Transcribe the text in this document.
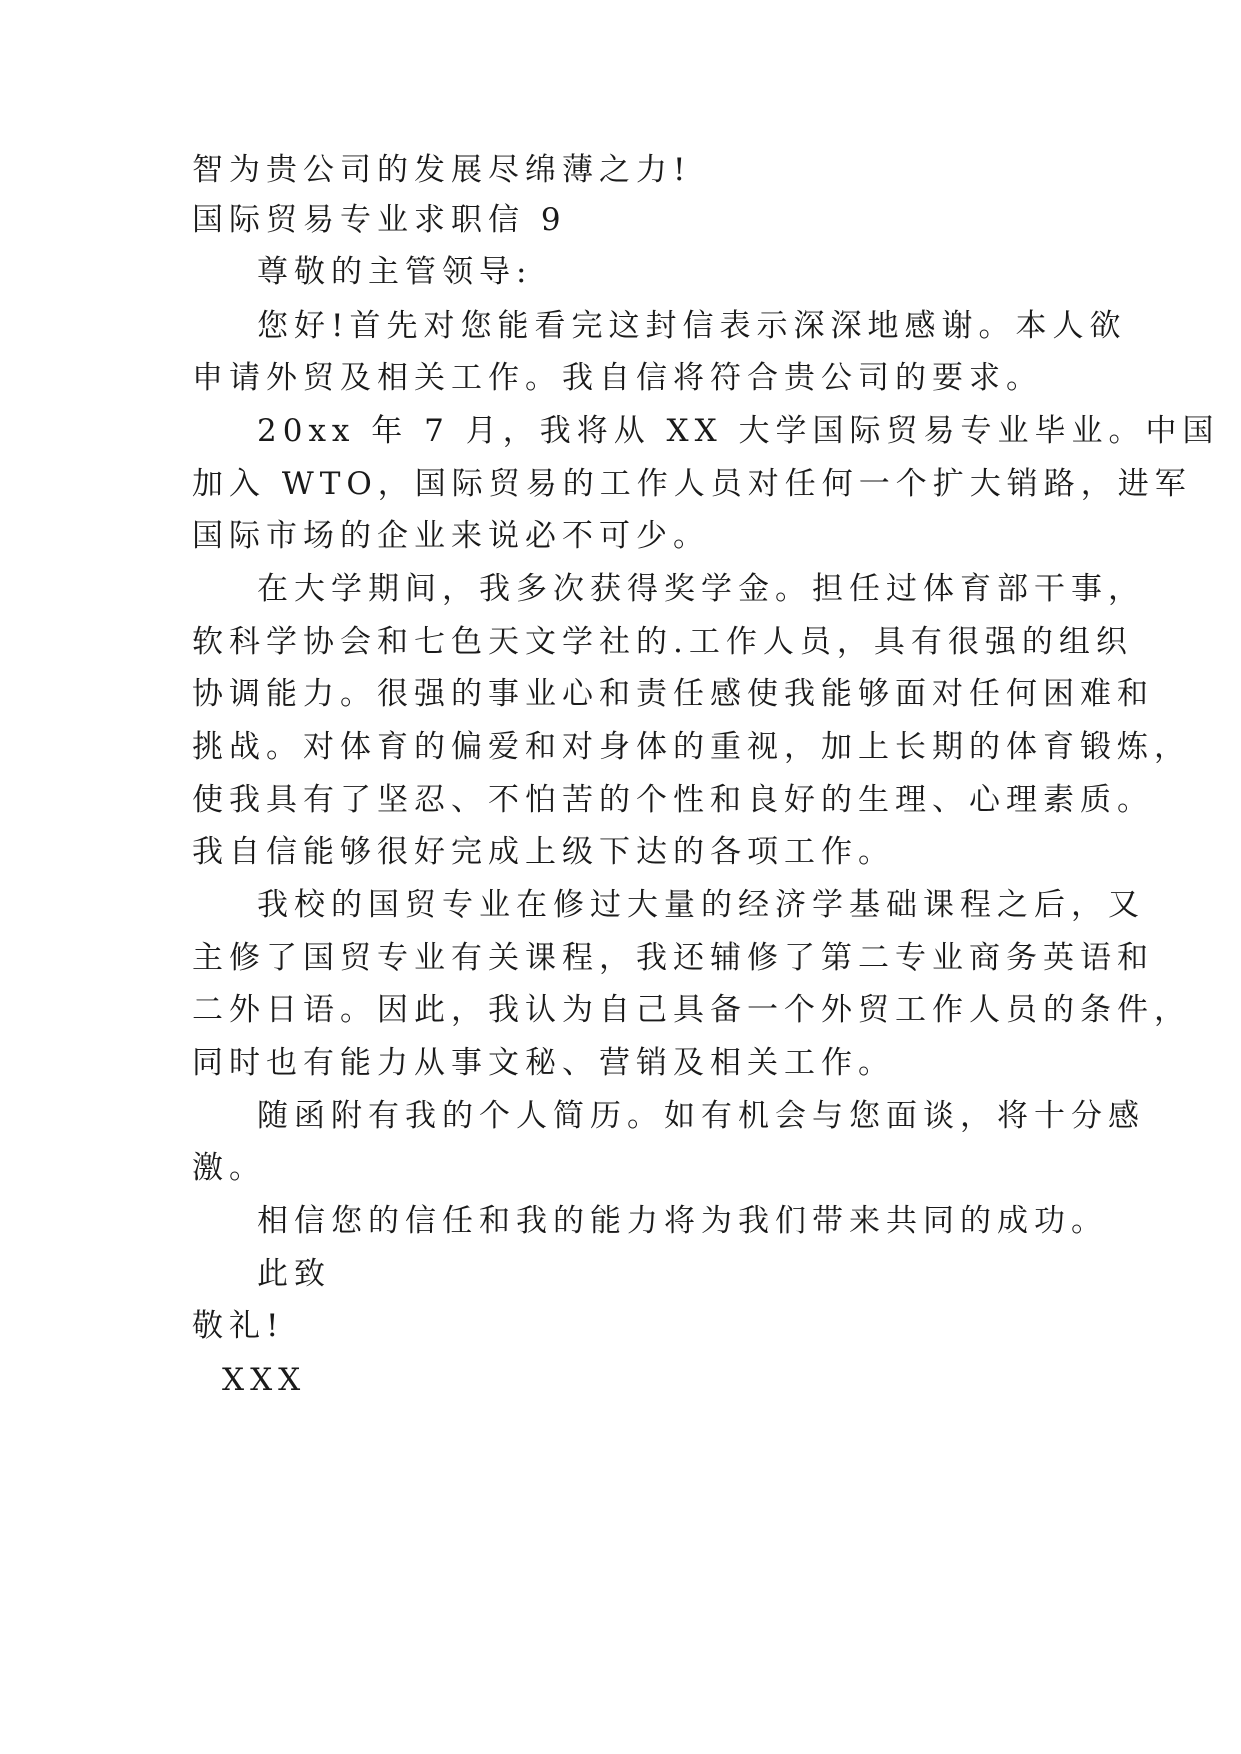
智为贵公司的发展尽绵薄之力!
国际贸易专业求职信 9
尊敬的主管领导:
您好!首先对您能看完这封信表示深深地感谢。本人欲
申请外贸及相关工作。我自信将符合贵公司的要求。
20xx 年 7 月，我将从 XX 大学国际贸易专业毕业。中国
加入 WTO，国际贸易的工作人员对任何一个扩大销路，进军
国际市场的企业来说必不可少。
在大学期间，我多次获得奖学金。担任过体育部干事，
软科学协会和七色天文学社的.工作人员，具有很强的组织
协调能力。很强的事业心和责任感使我能够面对任何困难和
挑战。对体育的偏爱和对身体的重视，加上长期的体育锻炼，
使我具有了坚忍、不怕苦的个性和良好的生理、心理素质。
我自信能够很好完成上级下达的各项工作。
我校的国贸专业在修过大量的经济学基础课程之后，又
主修了国贸专业有关课程，我还辅修了第二专业商务英语和
二外日语。因此，我认为自己具备一个外贸工作人员的条件，
同时也有能力从事文秘、营销及相关工作。
随函附有我的个人简历。如有机会与您面谈，将十分感
激。
相信您的信任和我的能力将为我们带来共同的成功。
此致
敬礼!
XXX
